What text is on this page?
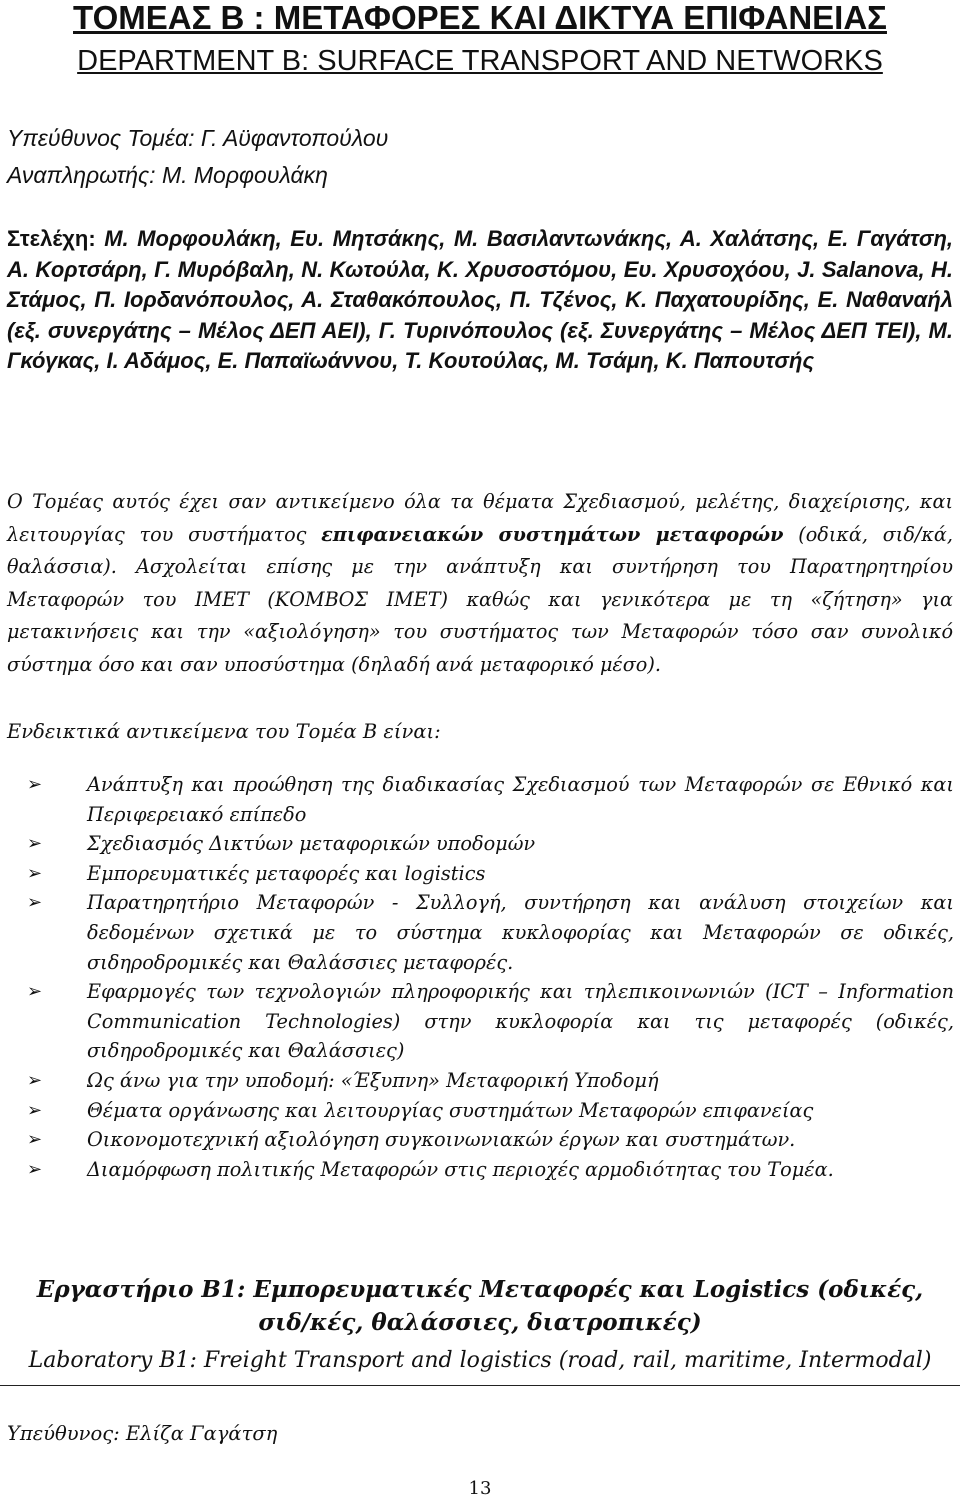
ΤΟΜΕΑΣ Β : ΜΕΤΑΦΟΡΕΣ ΚΑΙ ΔΙΚΤΥΑ ΕΠΙΦΑΝΕΙΑΣ
DEPARTMENT B: SURFACE TRANSPORT AND NETWORKS
Υπεύθυνος Τομέα: Γ. Αϋφαντοπούλου
Αναπληρωτής: Μ. Μορφουλάκη
Στελέχη: Μ. Μορφουλάκη, Ευ. Μητσάκης, Μ. Βασιλαντωνάκης, Α. Χαλάτσης, Ε. Γαγάτση, Α. Κορτσάρη, Γ. Μυρόβαλη, Ν. Κωτούλα, Κ. Χρυσοστόμου, Ευ. Χρυσοχόου, J. Salanova, Η. Στάμος, Π. Ιορδανόπουλος, Α. Σταθακόπουλος, Π. Τζένος, Κ. Παχατουρίδης, Ε. Ναθαναήλ (εξ. συνεργάτης – Μέλος ΔΕΠ ΑΕΙ), Γ. Τυρινόπουλος (εξ. Συνεργάτης – Μέλος ΔΕΠ ΤΕΙ), Μ. Γκόγκας, Ι. Αδάμος, Ε. Παπαϊωάννου, Τ. Κουτούλας, Μ. Τσάμη, Κ. Παπουτσής
Ο Τομέας αυτός έχει σαν αντικείμενο όλα τα θέματα Σχεδιασμού, μελέτης, διαχείρισης, και λειτουργίας του συστήματος επιφανειακών συστημάτων μεταφορών (οδικά, σιδ/κά, θαλάσσια). Ασχολείται επίσης με την ανάπτυξη και συντήρηση του Παρατηρητηρίου Μεταφορών του ΙΜΕΤ (ΚΟΜΒΟΣ ΙΜΕΤ) καθώς και γενικότερα με τη «ζήτηση» για μετακινήσεις και την «αξιολόγηση» του συστήματος των Μεταφορών τόσο σαν συνολικό σύστημα όσο και σαν υποσύστημα (δηλαδή ανά μεταφορικό μέσο).
Ενδεικτικά αντικείμενα του Τομέα Β είναι:
➢ Ανάπτυξη και προώθηση της διαδικασίας Σχεδιασμού των Μεταφορών σε Εθνικό και Περιφερειακό επίπεδο
➢ Σχεδιασμός Δικτύων μεταφορικών υποδομών
➢ Εμπορευματικές μεταφορές και logistics
➢ Παρατηρητήριο Μεταφορών - Συλλογή, συντήρηση και ανάλυση στοιχείων και δεδομένων σχετικά με το σύστημα κυκλοφορίας και Μεταφορών σε οδικές, σιδηροδρομικές και Θαλάσσιες μεταφορές.
➢ Εφαρμογές των τεχνολογιών πληροφορικής και τηλεπικοινωνιών (ICT – Information Communication Technologies) στην κυκλοφορία και τις μεταφορές (οδικές, σιδηροδρομικές και Θαλάσσιες)
➢ Ως άνω για την υποδομή: «Έξυπνη» Μεταφορική Υποδομή
➢ Θέματα οργάνωσης και λειτουργίας συστημάτων Μεταφορών επιφανείας
➢ Οικονομοτεχνική αξιολόγηση συγκοινωνιακών έργων και συστημάτων.
➢ Διαμόρφωση πολιτικής Μεταφορών στις περιοχές αρμοδιότητας του Τομέα.
Εργαστήριο Β1: Εμπορευματικές Μεταφορές και Logistics (οδικές,
σιδ/κές, θαλάσσιες, διατροπικές)
Laboratory B1: Freight Transport and logistics (road, rail, maritime, Intermodal)
Υπεύθυνος: Ελίζα Γαγάτση
13
